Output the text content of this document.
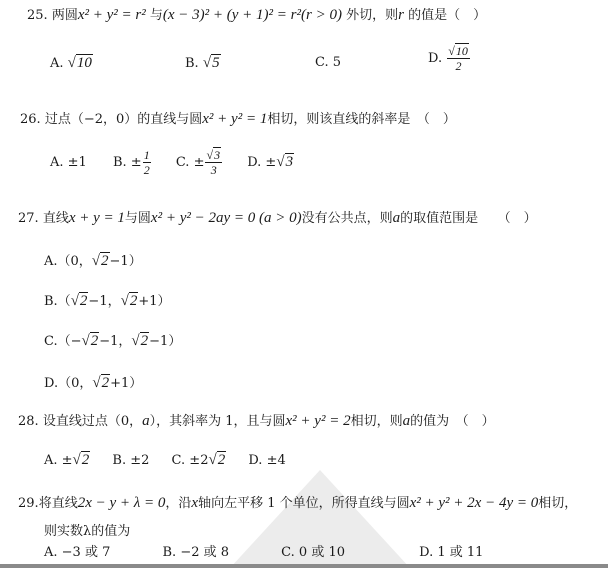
25. 两圆x² + y² = r² 与(x − 3)² + (y + 1)² = r²(r > 0) 外切，则r 的值是（　）
A. √10	B. √5	C. 5	D. $\frac{√10}{2}$
26. 过点（−2，0）的直线与圆x² + y² = 1相切，则该直线的斜率是　（　）
A. ±1 B. ± $\frac{1}{2} C$. ± $\frac{√3}{3} D$. ±√3
27. 直线x + y = 1与圆x² + y² − 2ay = 0 (a > 0)没有公共点，则a的取值范围是　　（　）
A.（0，√2−1）
B.（√2−1，√2+1）
C.（−√2−1，√2−1）
D.（0，√2+1）
28. 设直线过点（0，a），其斜率为 1，且与圆x² + y² = 2相切，则a的值为　（　）
A. ±√2 B. ±2 C. ±2√2 D. ±4
29.将直线2x − y + λ = 0，沿x轴向左平移 1 个单位，所得直线与圆x² + y² + 2x − 4y = 0相切，
则实数λ的值为
A. −3 或 7	B. −2 或 8	C. 0 或 10	D. 1 或 11
